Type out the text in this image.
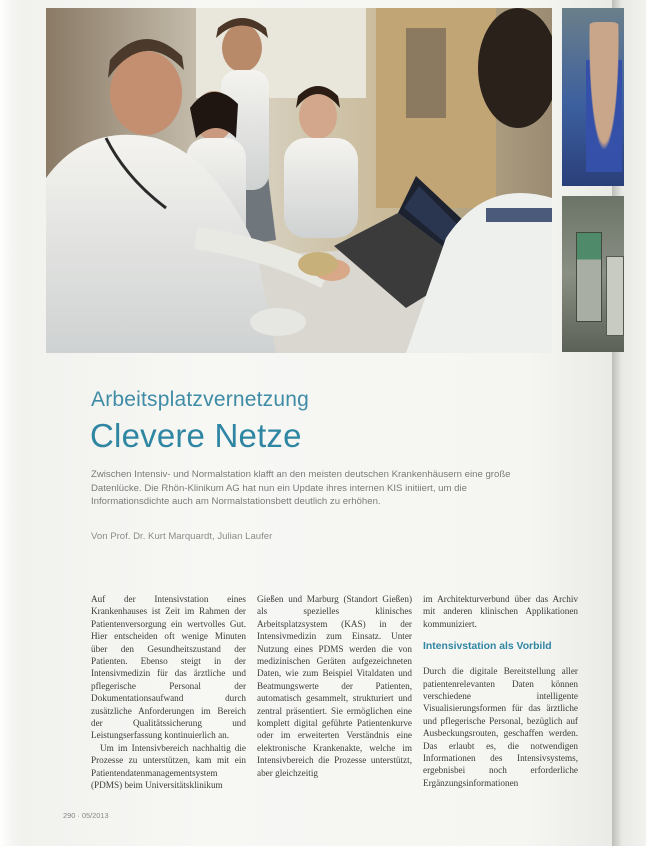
Arbeitsplatzvernetzung
Clevere Netze
Zwischen Intensiv- und Normalstation klafft an den meisten deutschen Krankenhäusern eine große Datenlücke. Die Rhön-Klinikum AG hat nun ein Update ihres internen KIS initiiert, um die Informationsdichte auch am Normalstationsbett deutlich zu erhöhen.
Von Prof. Dr. Kurt Marquardt, Julian Laufer

Auf der Intensivstation eines Krankenhauses ist Zeit im Rahmen der Patientenversorgung ein wertvolles Gut. Hier entscheiden oft wenige Minuten über den Gesundheitszustand der Patienten. Ebenso steigt in der Intensivmedizin für das ärztliche und pflegerische Personal der Dokumentationsaufwand durch zusätzliche Anforderungen im Bereich der Qualitätssicherung und Leistungserfassung kontinuierlich an.

Um im Intensivbereich nachhaltig die Prozesse zu unterstützen, kam mit ein Patientendatenmanagementsystem (PDMS) beim Universitätsklinikum

Gießen und Marburg (Standort Gießen) als spezielles klinisches Arbeitsplatzsystem (KAS) in der Intensivmedizin zum Einsatz. Unter Nutzung eines PDMS werden die von medizinischen Geräten aufgezeichneten Daten, wie zum Beispiel Vitaldaten und Beatmungswerte der Patienten, automatisch gesammelt, strukturiert und zentral präsentiert. Sie ermöglichen eine komplett digital geführte Patientenkurve oder im erweiterten Verständnis eine elektronische Krankenakte, welche im Intensivbereich die Prozesse unterstützt, aber gleichzeitig

im Architekturverbund über das Archiv mit anderen klinischen Applikationen kommuniziert.

Intensivstation als Vorbild

Durch die digitale Bereitstellung aller patientenrelevanten Daten können verschiedene intelligente Visualisierungsformen für das ärztliche und pflegerische Personal, bezüglich auf Ausbeckungsrouten, geschaffen werden. Das erlaubt es, die notwendigen Informationen des Intensivsystems, ergebnisbei noch erforderliche Ergänzungsinformationen

290 · 05/2013
